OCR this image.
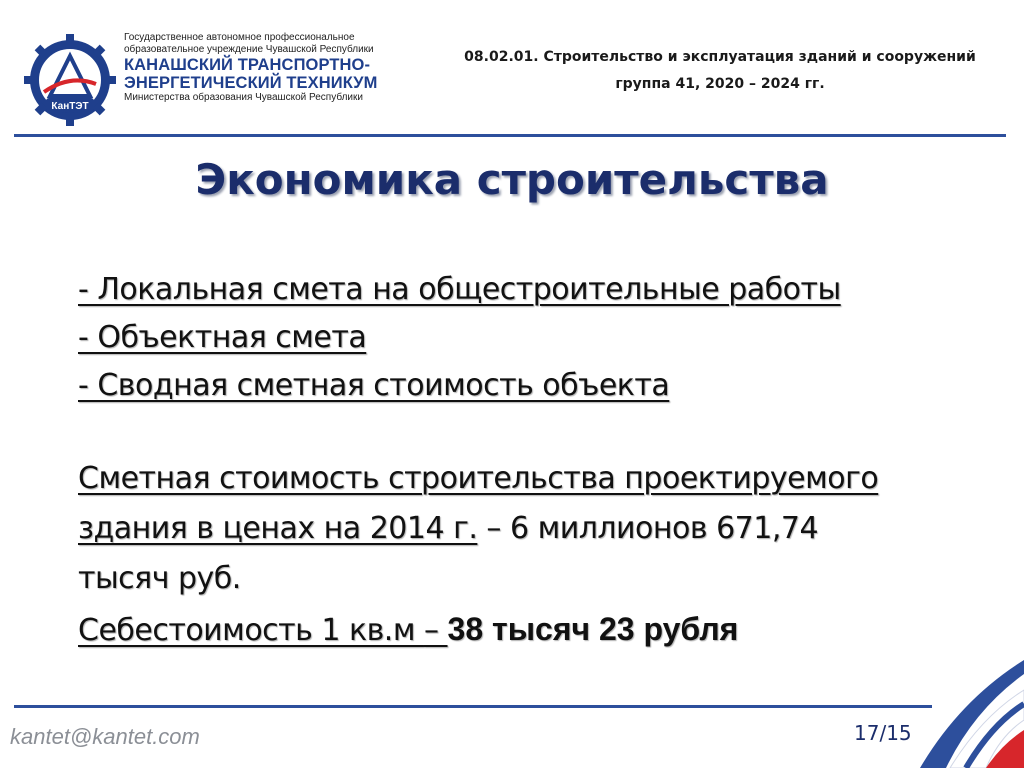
КанТЭТ
Государственное автономное профессиональное
образовательное учреждение Чувашской Республики
КАНАШСКИЙ ТРАНСПОРТНО-
ЭНЕРГЕТИЧЕСКИЙ ТЕХНИКУМ
Министерства образования Чувашской Республики
08.02.01. Строительство и эксплуатация зданий и сооружений
группа 41, 2020 – 2024 гг.
Экономика строительства
- Локальная смета на общестроительные работы
- Объектная смета
- Сводная сметная стоимость объекта
Сметная стоимость строительства проектируемого
здания в ценах на 2014 г. – 6 миллионов 671,74
тысяч руб.
Себестоимость 1 кв.м – 38 тысяч 23 рубля
kantet@kantet.com	17/15
